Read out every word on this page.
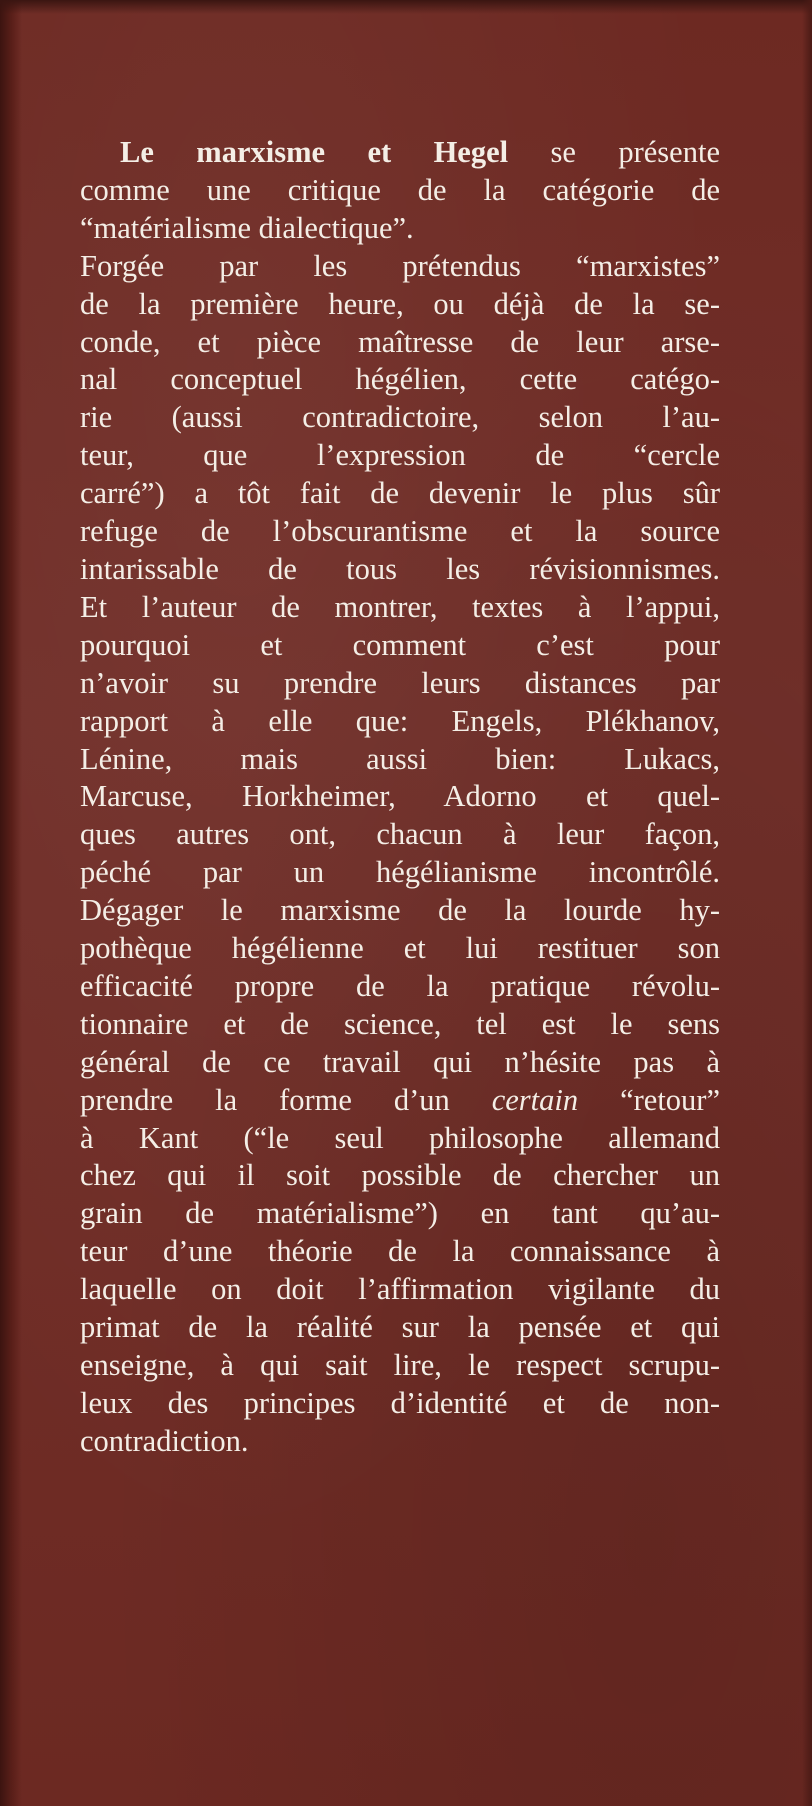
Le marxisme et Hegel se présente
comme une critique de la catégorie de
“matérialisme dialectique”.
Forgée par les prétendus “marxistes”
de la première heure, ou déjà de la se-
conde, et pièce maîtresse de leur arse-
nal conceptuel hégélien, cette catégo-
rie (aussi contradictoire, selon l’au-
teur, que l’expression de “cercle
carré”) a tôt fait de devenir le plus sûr
refuge de l’obscurantisme et la source
intarissable de tous les révisionnismes.
Et l’auteur de montrer, textes à l’appui,
pourquoi et comment c’est pour
n’avoir su prendre leurs distances par
rapport à elle que: Engels, Plékhanov,
Lénine, mais aussi bien: Lukacs,
Marcuse, Horkheimer, Adorno et quel-
ques autres ont, chacun à leur façon,
péché par un hégélianisme incontrôlé.
Dégager le marxisme de la lourde hy-
pothèque hégélienne et lui restituer son
efficacité propre de la pratique révolu-
tionnaire et de science, tel est le sens
général de ce travail qui n’hésite pas à
prendre la forme d’un certain “retour”
à Kant (“le seul philosophe allemand
chez qui il soit possible de chercher un
grain de matérialisme”) en tant qu’au-
teur d’une théorie de la connaissance à
laquelle on doit l’affirmation vigilante du
primat de la réalité sur la pensée et qui
enseigne, à qui sait lire, le respect scrupu-
leux des principes d’identité et de non-
contradiction.
